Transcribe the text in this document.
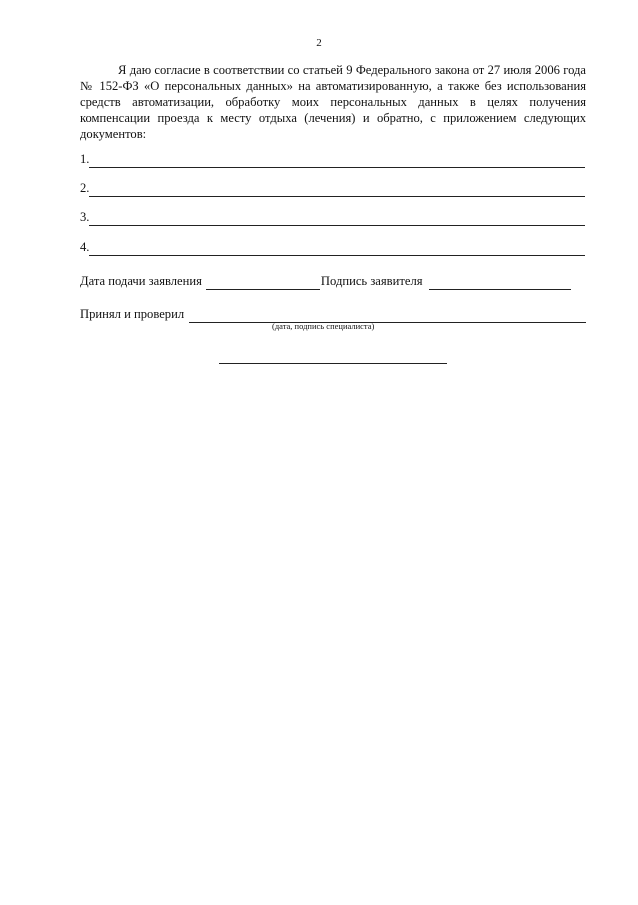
2

Я даю согласие в соответствии со статьей 9 Федерального закона от 27 июля 2006 года № 152-ФЗ «О персональных данных» на автоматизированную, а также без использования средств автоматизации, обработку моих персональных данных в целях получения компенсации проезда к месту отдыха (лечения) и обратно, с приложением следующих документов:

1.
2.
3.
4.
Дата подачи заявления	Подпись заявителя
Принял и проверил
(дата, подпись специалиста)
